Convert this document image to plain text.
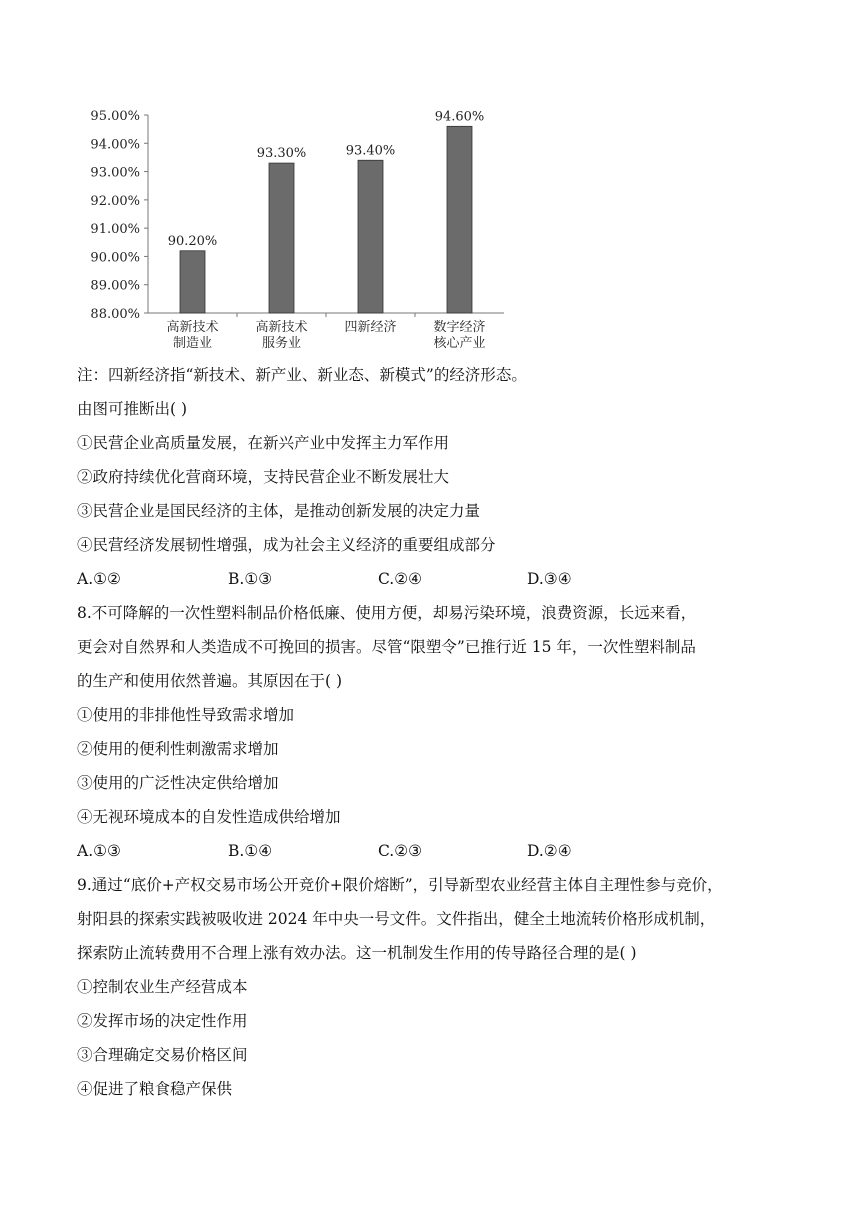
88.00%
89.00%
90.00%
91.00%
92.00%
93.00%
94.00%
95.00%
90.20%
高新技术
制造业
93.30%
高新技术
服务业
93.40%
四新经济
94.60%
数字经济
核心产业
注：四新经济指“新技术、新产业、新业态、新模式”的经济形态。
由图可推断出( )
①民营企业高质量发展，在新兴产业中发挥主力军作用
②政府持续优化营商环境，支持民营企业不断发展壮大
③民营企业是国民经济的主体，是推动创新发展的决定力量
④民营经济发展韧性增强，成为社会主义经济的重要组成部分
A.①②	B.①③	C.②④	D.③④
8.不可降解的一次性塑料制品价格低廉、使用方便，却易污染环境，浪费资源，长远来看，
更会对自然界和人类造成不可挽回的损害。尽管“限塑令”已推行近 15 年，一次性塑料制品
的生产和使用依然普遍。其原因在于( )
①使用的非排他性导致需求增加
②使用的便利性刺激需求增加
③使用的广泛性决定供给增加
④无视环境成本的自发性造成供给增加
A.①③	B.①④	C.②③	D.②④
9.通过“底价+产权交易市场公开竞价+限价熔断”，引导新型农业经营主体自主理性参与竞价，
射阳县的探索实践被吸收进 2024 年中央一号文件。文件指出，健全土地流转价格形成机制，
探索防止流转费用不合理上涨有效办法。这一机制发生作用的传导路径合理的是( )
①控制农业生产经营成本
②发挥市场的决定性作用
③合理确定交易价格区间
④促进了粮食稳产保供
